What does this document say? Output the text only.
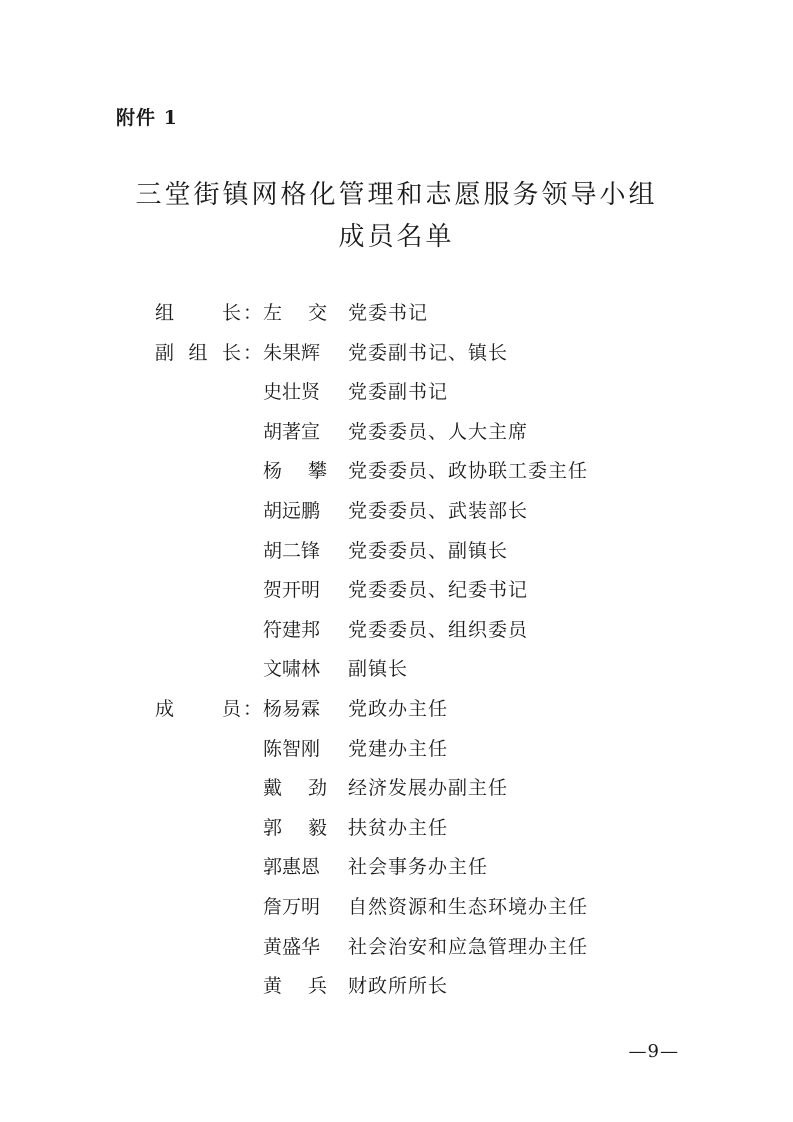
附件 1
三堂街镇网格化管理和志愿服务领导小组
成员名单
组	长 ： 左 交 党委书记
副 组 长 ： 朱果辉 党委副书记、镇长
史壮贤 党委副书记
胡著宣 党委委员、人大主席
杨 攀 党委委员、政协联工委主任
胡远鹏 党委委员、武装部长
胡二锋 党委委员、副镇长
贺开明 党委委员、纪委书记
符建邦 党委委员、组织委员
文啸林 副镇长
成	员 ： 杨易霖 党政办主任
陈智刚 党建办主任
戴 劲 经济发展办副主任
郭 毅 扶贫办主任
郭惠恩 社会事务办主任
詹万明 自然资源和生态环境办主任
黄盛华 社会治安和应急管理办主任
黄 兵 财政所所长
—9—
